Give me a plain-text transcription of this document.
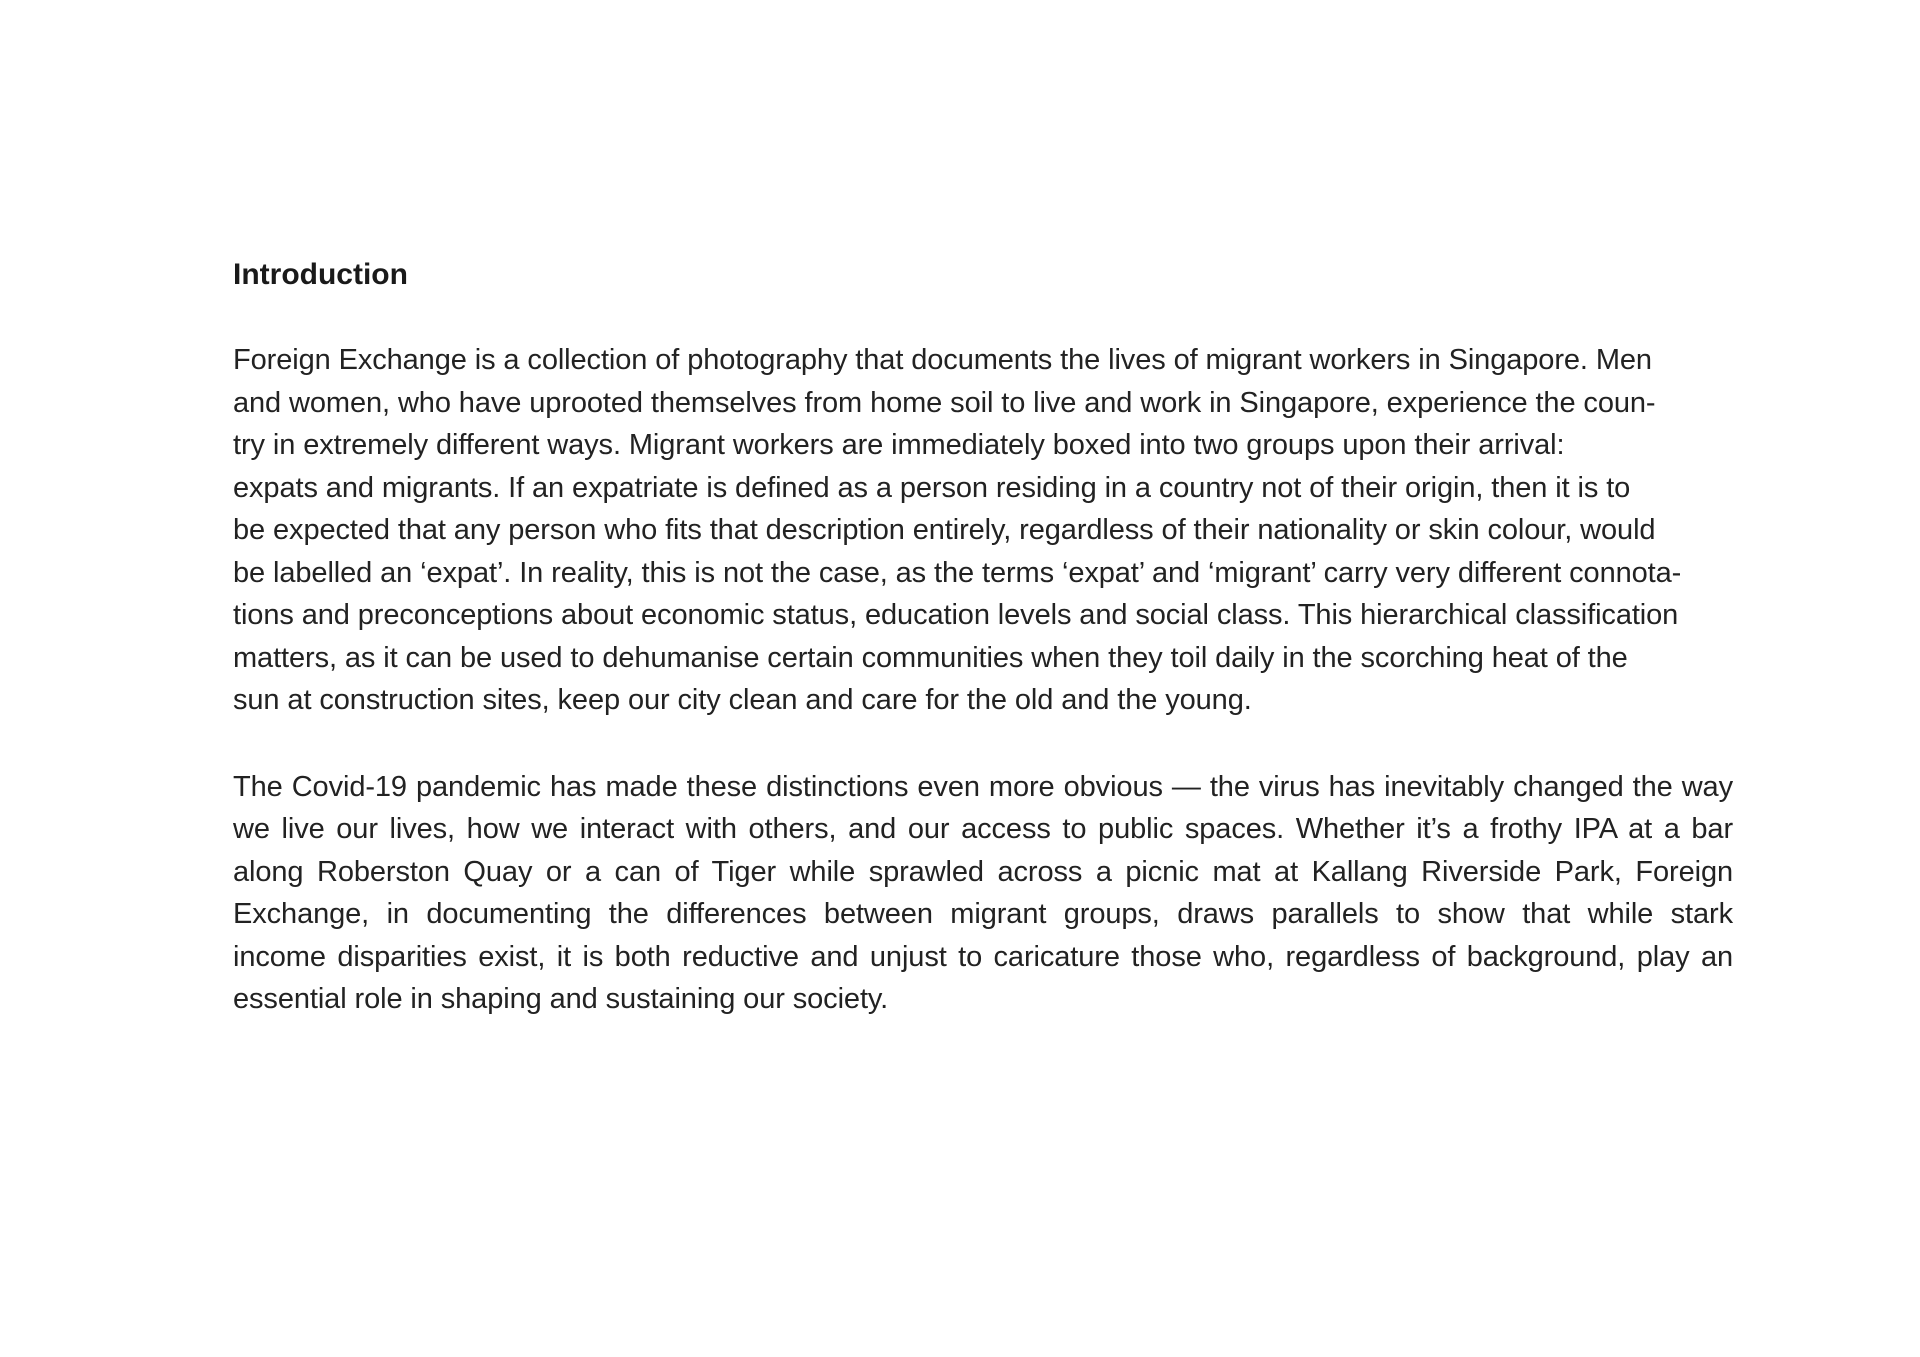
Introduction

Foreign Exchange is a collection of photography that documents the lives of migrant workers in Singapore. Men
and women, who have uprooted themselves from home soil to live and work in Singapore, experience the coun-
try in extremely different ways. Migrant workers are immediately boxed into two groups upon their arrival:
expats and migrants. If an expatriate is defined as a person residing in a country not of their origin, then it is to
be expected that any person who fits that description entirely, regardless of their nationality or skin colour, would
be labelled an ‘expat’. In reality, this is not the case, as the terms ‘expat’ and ‘migrant’ carry very different connota-
tions and preconceptions about economic status, education levels and social class. This hierarchical classification
matters, as it can be used to dehumanise certain communities when they toil daily in the scorching heat of the
sun at construction sites, keep our city clean and care for the old and the young.

The Covid-19 pandemic has made these distinctions even more obvious — the virus has inevitably changed the way
we live our lives, how we interact with others, and our access to public spaces. Whether it’s a frothy IPA at a bar
along Roberston Quay or a can of Tiger while sprawled across a picnic mat at Kallang Riverside Park, Foreign
Exchange, in documenting the differences between migrant groups, draws parallels to show that while stark
income disparities exist, it is both reductive and unjust to caricature those who, regardless of background, play an
essential role in shaping and sustaining our society.
